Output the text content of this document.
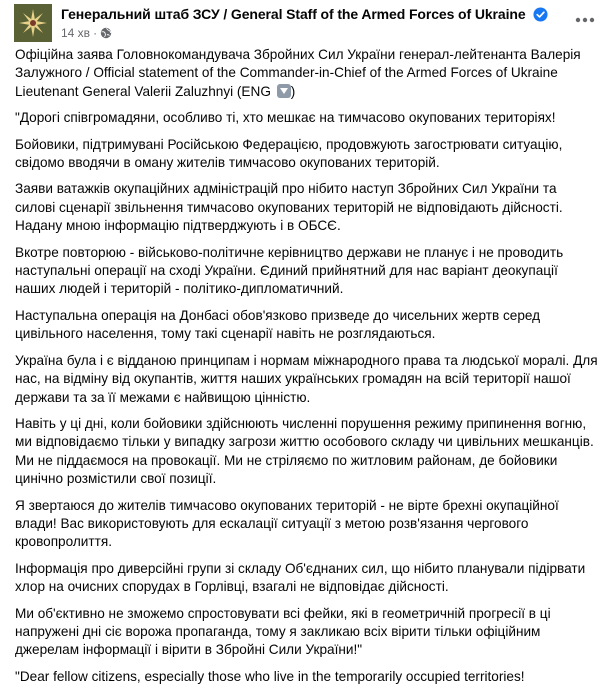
Генеральний штаб ЗСУ / General Staff of the Armed Forces of Ukraine
14 хв ·

Офіційна заява Головнокомандувача Збройних Сил України генерал-лейтенанта Валерія Залужного / Official statement of the Commander-in-Chief of the Armed Forces of Ukraine Lieutenant General Valerii Zaluzhnyi (ENG )

"Дорогі співгромадяни, особливо ті, хто мешкає на тимчасово окупованих територіях!

Бойовики, підтримувані Російською Федерацією, продовжують загострювати ситуацію, свідомо вводячи в оману жителів тимчасово окупованих територій.

Заяви ватажків окупаційних адміністрацій про нібито наступ Збройних Сил України та силові сценарії звільнення тимчасово окупованих територій не відповідають дійсності. Надану мною інформацію підтверджують і в ОБСЄ.

Вкотре повторюю - військово-політичне керівництво держави не планує і не проводить наступальні операції на сході України. Єдиний прийнятний для нас варіант деокупації наших людей і територій - політико-дипломатичний.

Наступальна операція на Донбасі обов'язково призведе до чисельних жертв серед цивільного населення, тому такі сценарії навіть не розглядаються.

Україна була і є відданою принципам і нормам міжнародного права та людської моралі. Для нас, на відміну від окупантів, життя наших українських громадян на всій території нашої держави та за її межами є найвищою цінністю.

Навіть у ці дні, коли бойовики здійснюють численні порушення режиму припинення вогню, ми відповідаємо тільки у випадку загрози життю особового складу чи цивільних мешканців. Ми не піддаємося на провокації. Ми не стріляємо по житловим районам, де бойовики цинічно розмістили свої позиції.

Я звертаюся до жителів тимчасово окупованих територій - не вірте брехні окупаційної влади! Вас використовують для ескалації ситуації з метою розв'язання чергового кровопролиття.

Інформація про диверсійні групи зі складу Об'єднаних сил, що нібито планували підірвати хлор на очисних спорудах в Горлівці, взагалі не відповідає дійсності.

Ми об'єктивно не зможемо спростовувати всі фейки, які в геометричній прогресії в ці напружені дні сіє ворожа пропаганда, тому я закликаю всіх вірити тільки офіційним джерелам інформації і вірити в Збройні Сили України!"

"Dear fellow citizens, especially those who live in the temporarily occupied territories!
